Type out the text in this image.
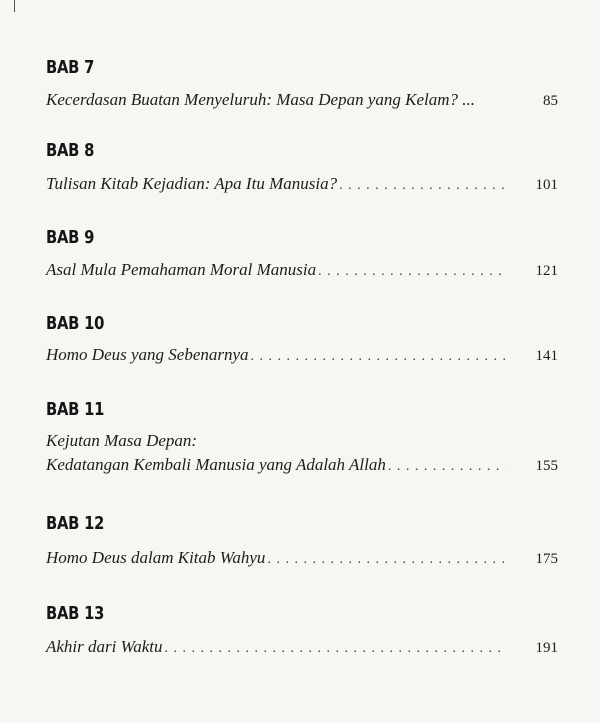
BAB 7
Kecerdasan Buatan Menyeluruh: Masa Depan yang Kelam? ...	85
BAB 8
Tulisan Kitab Kejadian: Apa Itu Manusia? . . .	101
BAB 9
Asal Mula Pemahaman Moral Manusia . . .	121
BAB 10
Homo Deus yang Sebenarnya . . .	141
BAB 11
Kejutan Masa Depan:
Kedatangan Kembali Manusia yang Adalah Allah . . .	155
BAB 12
Homo Deus dalam Kitab Wahyu . . .	175
BAB 13
Akhir dari Waktu . . .	191
